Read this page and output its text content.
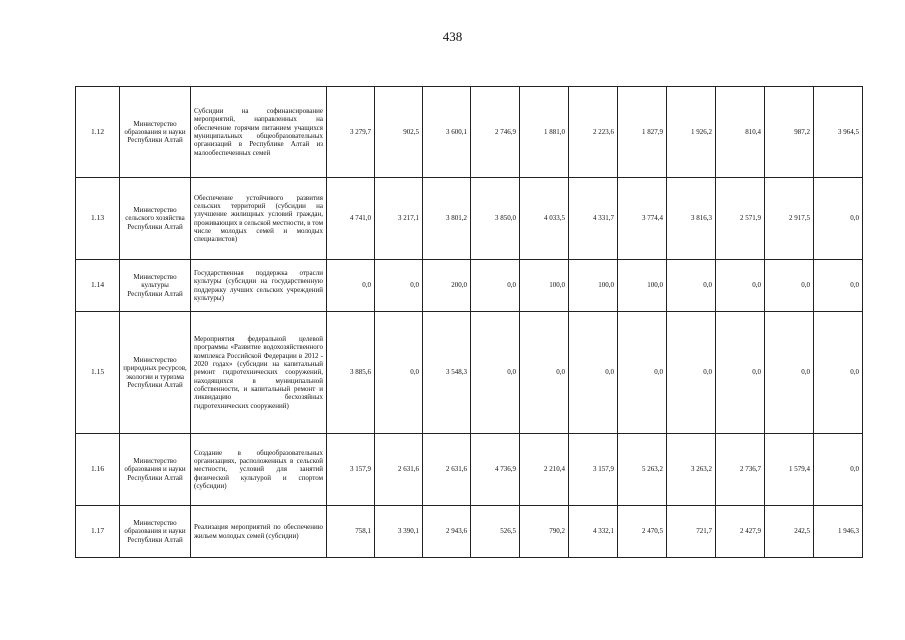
438
1.12	Министерство образования и науки Республики Алтай	Субсидии на софинансирование мероприятий, направленных на обеспечение горячим питанием учащихся муниципальных общеобразовательных организаций в Республике Алтай из малообеспеченных семей	3 279,7	902,5	3 600,1	2 746,9	1 881,0	2 223,6	1 827,9	1 926,2	810,4	987,2	3 964,5
1.13	Министерство сельского хозяйства Республики Алтай	Обеспечение устойчивого развития сельских территорий (субсидии на улучшение жилищных условий граждан, проживающих в сельской местности, в том числе молодых семей и молодых специалистов)	4 741,0	3 217,1	3 801,2	3 850,0	4 033,5	4 331,7	3 774,4	3 816,3	2 571,9	2 917,5	0,0
1.14	Министерство культуры Республики Алтай	Государственная поддержка отрасли культуры (субсидии на государственную поддержку лучших сельских учреждений культуры)	0,0	0,0	200,0	0,0	100,0	100,0	100,0	0,0	0,0	0,0	0,0
1.15	Министерство природных ресурсов, экологии и туризма Республики Алтай	Мероприятия федеральной целевой программы «Развитие водохозяйственного комплекса Российской Федерации в 2012 - 2020 годах» (субсидии на капитальный ремонт гидротехнических сооружений, находящихся в муниципальной собственности, и капитальный ремонт и ликвидацию бесхозяйных гидротехнических сооружений)	3 885,6	0,0	3 548,3	0,0	0,0	0,0	0,0	0,0	0,0	0,0	0,0
1.16	Министерство образования и науки Республики Алтай	Создание в общеобразовательных организациях, расположенных в сельской местности, условий для занятий физической культурой и спортом (субсидии)	3 157,9	2 631,6	2 631,6	4 736,9	2 210,4	3 157,9	5 263,2	3 263,2	2 736,7	1 579,4	0,0
1.17	Министерство образования и науки Республики Алтай	Реализация мероприятий по обеспечению жильем молодых семей (субсидии)	758,1	3 390,1	2 943,6	526,5	790,2	4 332,1	2 470,5	721,7	2 427,9	242,5	1 946,3
